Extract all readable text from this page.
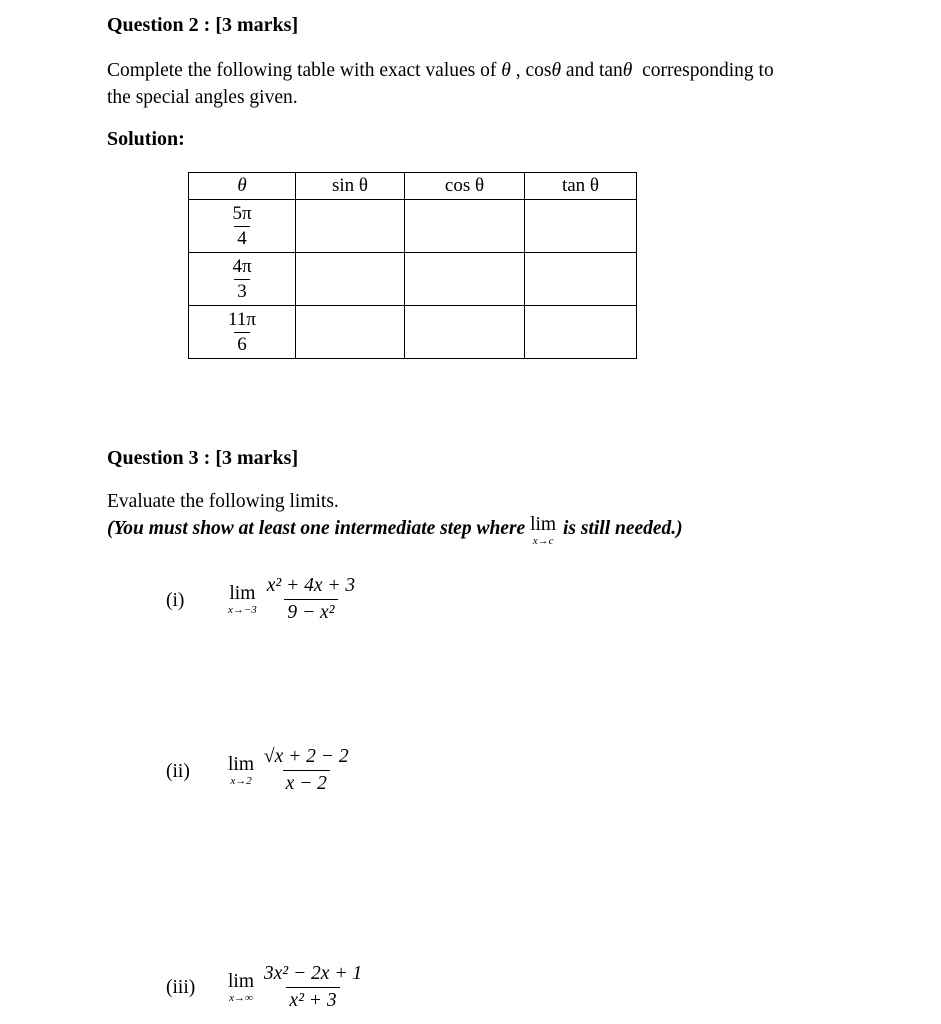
Question 2 : [3 marks]
Complete the following table with exact values of θ , cosθ and tanθ corresponding to
the special angles given.
Solution:
θ	sin θ	cos θ	tan θ

$\frac{5\pi}{4}$

$\frac{4\pi}{3}$

$\frac{11\pi}{6}$

Question 3 : [3 marks]
Evaluate the following limits.
(You must show at least one intermediate step where lim
x→c
is still needed.)
(i) lim
x→−3
$\frac{\text{x² + 4x + 3}}{\text{9 − x²}}$
(ii) lim
x→2
$\frac{√x + 2 - 2}{x - 2}$
(iii) lim
x→∞
$\frac{\text{3x² − 2x + 1}}{\text{x² + 3}}$
